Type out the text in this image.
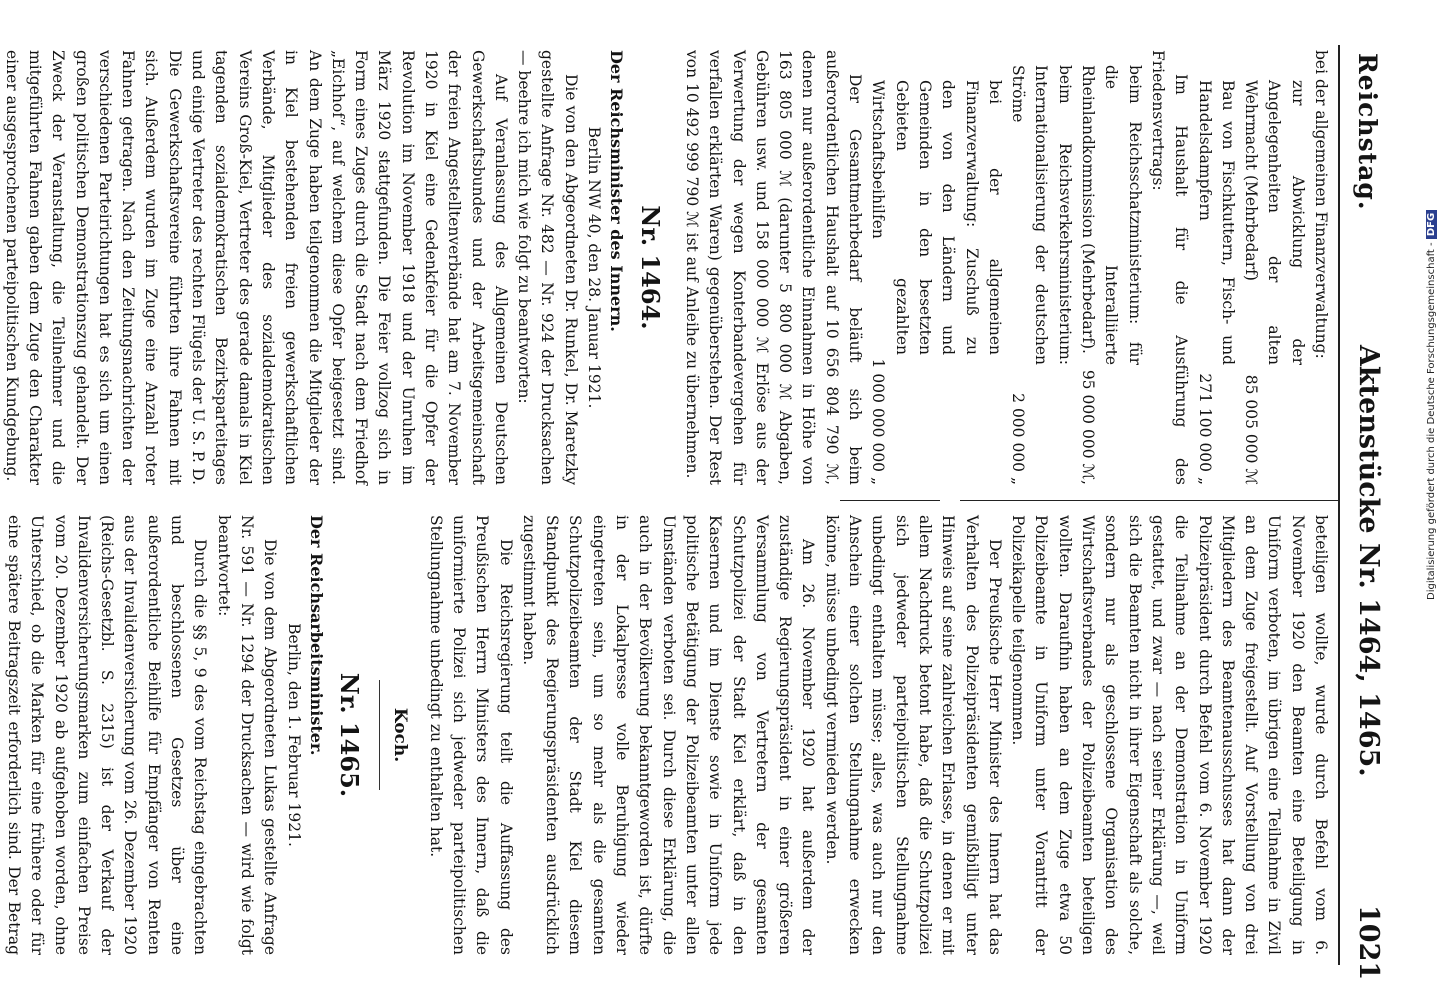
Reichstag.
Aktenstücke Nr. 1464, 1465.
1021
bei der allgemeinen Finanzverwaltung:
zur Abwicklung der Angelegenheiten der alten Wehrmacht (Mehrbedarf)
85 005 000 ℳ
Bau von Fischkuttern, Fisch- und Handelsdampfern
271 100 000 „
Im Haushalt für die Ausführung des Friedensvertrags:
beim Reichsschatzministerium: für die Interalliierte Rheinlandkommission (Mehrbedarf).
95 000 000 ℳ,
beim Reichsverkehrsministerium: Internationalisierung der deutschen Ströme
2 000 000 „
bei der allgemeinen Finanzverwaltung: Zuschuß zu den von den Ländern und Gemeinden in den besetzten Gebieten gezahlten Wirtschaftsbeihilfen
1 000 000 000 „

Der Gesamtmehrbedarf beläuft sich beim außerordentlichen Haushalt auf 10 656 804 790 ℳ, denen nur außerordentliche Einnahmen in Höhe von 163 805 000 ℳ (darunter 5 800 000 ℳ Abgaben, Gebühren usw. und 158 000 000 ℳ Erlöse aus der Verwertung der wegen Konterbandevergehen für verfallen erklärten Waren) gegenüberstehen. Der Rest von 10 492 999 790 ℳ ist auf Anleihe zu übernehmen.

Nr. 1464.
Der Reichsminister des Innern.

Berlin NW 40, den 28. Januar 1921.

Die von den Abgeordneten Dr. Runkel, Dr. Maretzky gestellte Anfrage Nr. 482 — Nr. 924 der Drucksachen — beehre ich mich wie folgt zu beantworten:

Auf Veranlassung des Allgemeinen Deutschen Gewerkschaftsbundes und der Arbeitsgemeinschaft der freien Angestelltenverbände hat am 7. November 1920 in Kiel eine Gedenkfeier für die Opfer der Revolution im November 1918 und der Unruhen im März 1920 stattgefunden. Die Feier vollzog sich in Form eines Zuges durch die Stadt nach dem Friedhof „Eichhof“, auf welchem diese Opfer beigesetzt sind. An dem Zuge haben teilgenommen die Mitglieder der in Kiel bestehenden freien gewerkschaftlichen Verbände, Mitglieder des sozialdemokratischen Vereins Groß-Kiel, Vertreter des gerade damals in Kiel tagenden sozialdemokratischen Bezirksparteitages und einige Vertreter des rechten Flügels der U. S. P. D. Die Gewerkschaftsvereine führten ihre Fahnen mit sich. Außerdem wurden im Zuge eine Anzahl roter Fahnen getragen. Nach den Zeitungsnachrichten der verschiedenen Parteirichtungen hat es sich um einen großen politischen Demonstrationszug gehandelt. Der Zweck der Veranstaltung, die Teilnehmer und die mitgeführten Fahnen gaben dem Zuge den Charakter einer ausgesprochenen parteipolitischen Kundgebung.

beteiligen wollte, wurde durch Befehl vom 6. November 1920 den Beamten eine Beteiligung in Uniform verboten, im übrigen eine Teilnahme in Zivil an dem Zuge freigestellt. Auf Vorstellung von drei Mitgliedern des Beamtenausschusses hat dann der Polizeipräsident durch Befehl vom 6. November 1920 die Teilnahme an der Demonstration in Uniform gestattet, und zwar — nach seiner Erklärung —, weil sich die Beamten nicht in ihrer Eigenschaft als solche, sondern nur als geschlossene Organisation des Wirtschaftsverbandes der Polizeibeamten beteiligen wollten. Daraufhin haben an dem Zuge etwa 50 Polizeibeamte in Uniform unter Vorantritt der Polizeikapelle teilgenommen.

Der Preußische Herr Minister des Innern hat das Verhalten des Polizeipräsidenten gemißbilligt unter Hinweis auf seine zahlreichen Erlasse, in denen er mit allem Nachdruck betont habe, daß die Schutzpolizei sich jedweder parteipolitischen Stellungnahme unbedingt enthalten müsse; alles, was auch nur den Anschein einer solchen Stellungnahme erwecken könne, müsse unbedingt vermieden werden.

Am 26. November 1920 hat außerdem der zuständige Regierungspräsident in einer größeren Versammlung von Vertretern der gesamten Schutzpolizei der Stadt Kiel erklärt, daß in den Kasernen und im Dienste sowie in Uniform jede politische Betätigung der Polizeibeamten unter allen Umständen verboten sei. Durch diese Erklärung, die auch in der Bevölkerung bekanntgeworden ist, dürfte in der Lokalpresse volle Beruhigung wieder eingetreten sein, um so mehr als die gesamten Schutzpolizeibeamten der Stadt Kiel diesem Standpunkt des Regierungspräsidenten ausdrücklich zugestimmt haben.

Die Reichsregierung teilt die Auffassung des Preußischen Herrn Ministers des Innern, daß die uniformierte Polizei sich jedweder parteipolitischen Stellungnahme unbedingt zu enthalten hat.

Koch.
Nr. 1465.
Der Reichsarbeitsminister.

Berlin, den 1. Februar 1921.

Die von dem Abgeordneten Lukas gestellte Anfrage Nr. 591 — Nr. 1294 der Drucksachen — wird wie folgt beantwortet:

Durch die §§ 5, 9 des vom Reichstag eingebrachten und beschlossenen Gesetzes über eine außerordentliche Beihilfe für Empfänger von Renten aus der Invalidenversicherung vom 26. Dezember 1920 (Reichs-Gesetzbl. S. 2315) ist der Verkauf der Invalidenversicherungsmarken zum einfachen Preise vom 20. Dezember 1920 ab aufgehoben worden, ohne Unterschied, ob die Marken für eine frühere oder für eine spätere Beitragszeit erforderlich sind. Der Betrag

Digitalisierung gefördert durch die Deutsche Forschungsgemeinschaft - DFG
